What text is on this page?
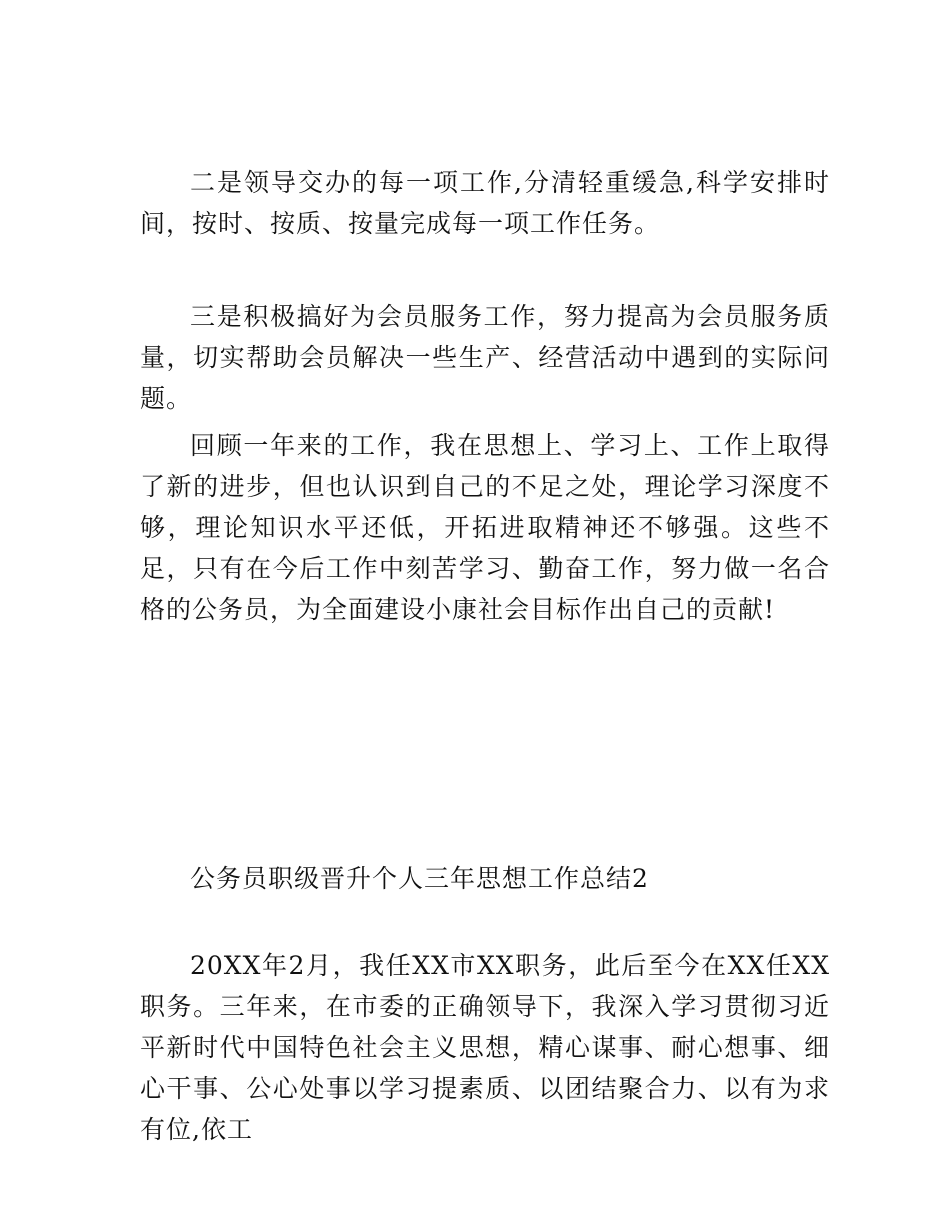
二是领导交办的每一项工作,分清轻重缓急,科学安排时间，按时、按质、按量完成每一项工作任务。

三是积极搞好为会员服务工作，努力提高为会员服务质量，切实帮助会员解决一些生产、经营活动中遇到的实际问题。

回顾一年来的工作，我在思想上、学习上、工作上取得了新的进步，但也认识到自己的不足之处，理论学习深度不够，理论知识水平还低，开拓进取精神还不够强。这些不足，只有在今后工作中刻苦学习、勤奋工作，努力做一名合格的公务员，为全面建设小康社会目标作出自己的贡献!

公务员职级晋升个人三年思想工作总结2

20XX年2月，我任XX市XX职务，此后至今在XX任XX职务。三年来，在市委的正确领导下，我深入学习贯彻习近平新时代中国特色社会主义思想，精心谋事、耐心想事、细心干事、公心处事以学习提素质、以团结聚合力、以有为求有位,依工
